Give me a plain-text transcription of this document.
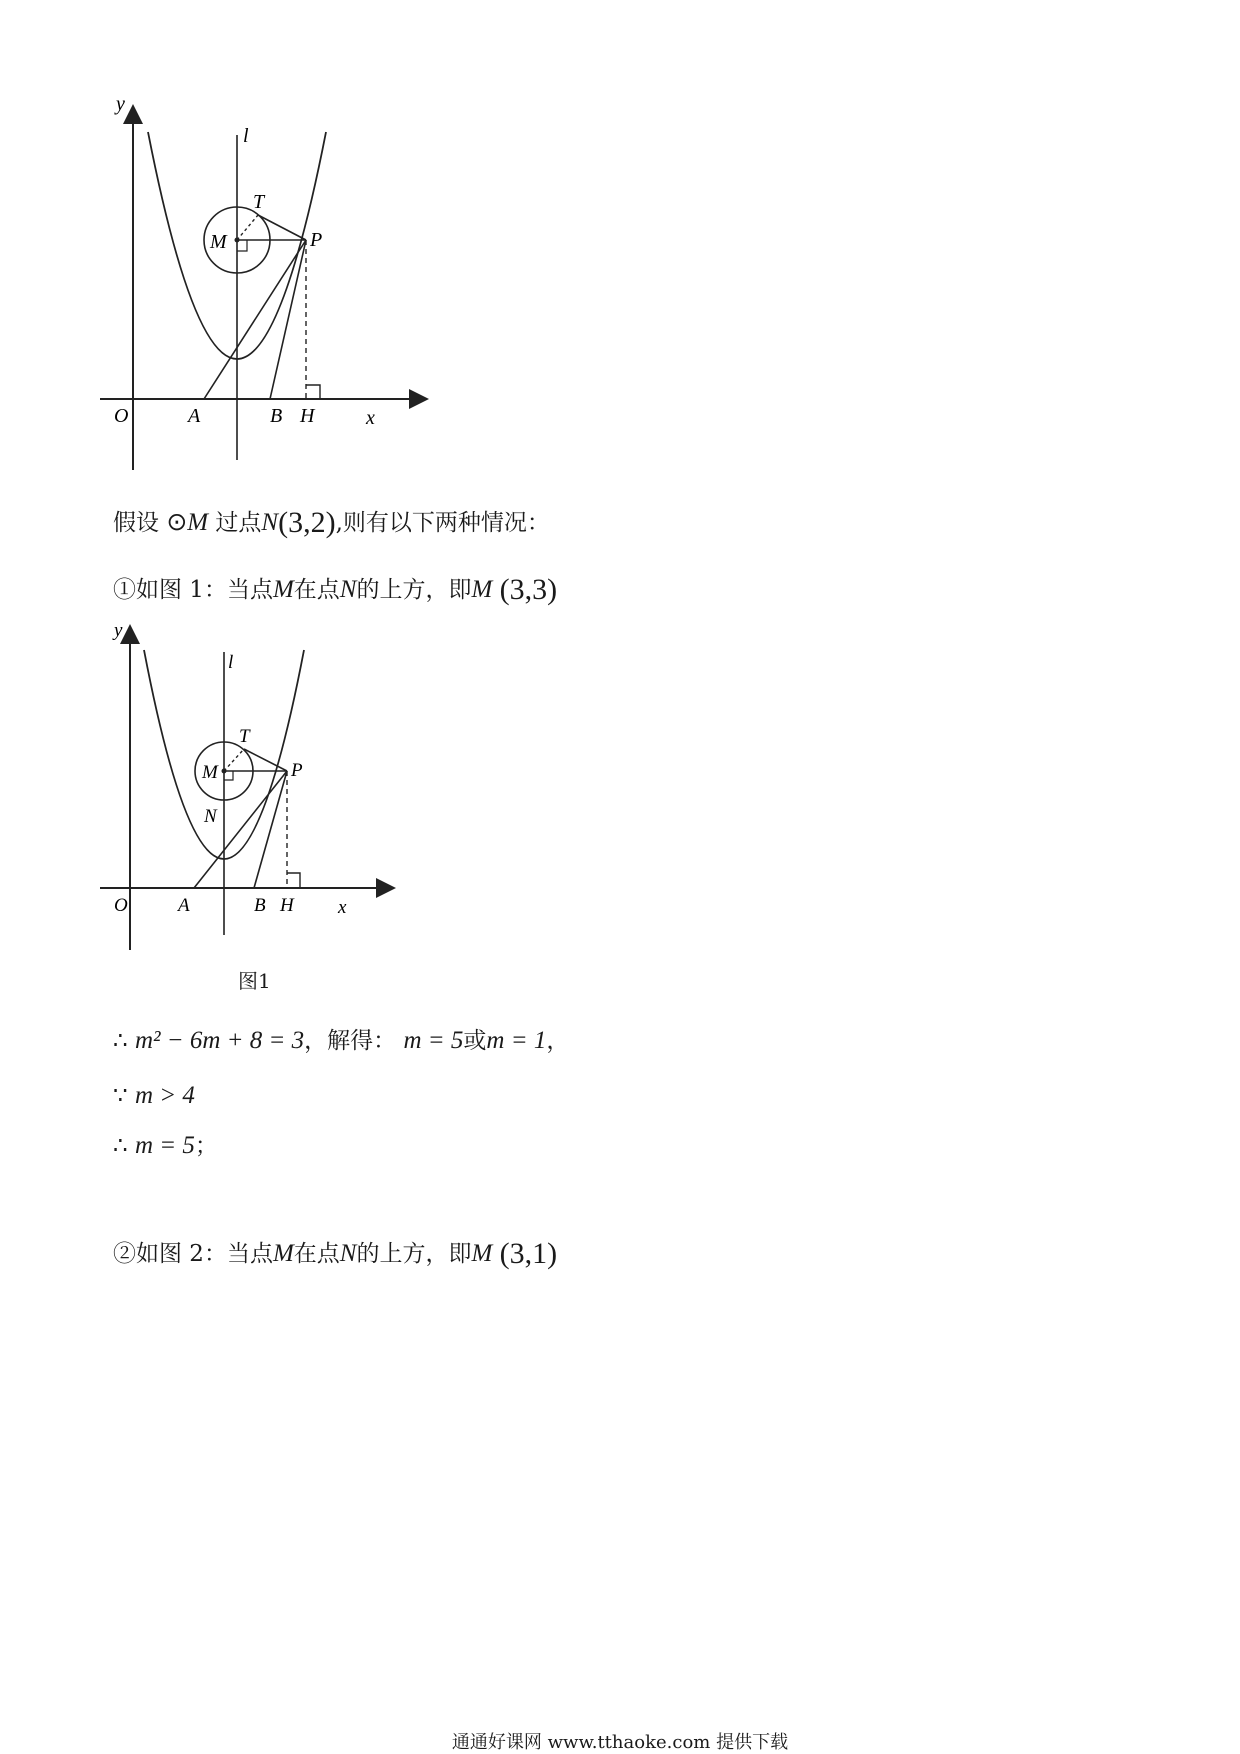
y
l
T
M	P
O	A	B H	x
假设 ⊙M 过点N(3,2),则有以下两种情况：
①如图 1：当点M在点N的上方，即M (3,3)
y
l
T
M	P
N
O	A	B H x
图1
∴ m² − 6m + 8 = 3，解得： m = 5或m = 1，
∵ m > 4
∴ m = 5；
②如图 2：当点M在点N的上方，即M (3,1)
通通好课网 www.tthaoke.com 提供下载
